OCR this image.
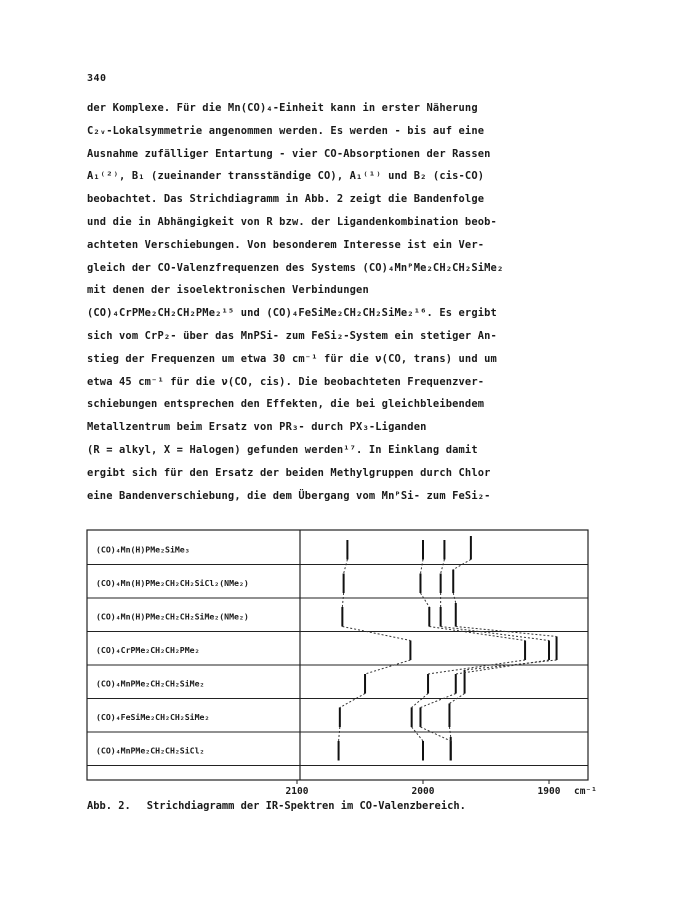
340
der Komplexe. Für die Mn(CO)₄-Einheit kann in erster Näherung
C₂ᵥ-Lokalsymmetrie angenommen werden. Es werden - bis auf eine
Ausnahme zufälliger Entartung - vier CO-Absorptionen der Rassen
A₁⁽²⁾, B₁ (zueinander transständige CO), A₁⁽¹⁾ und B₂ (cis-CO)
beobachtet. Das Strichdiagramm in Abb. 2 zeigt die Bandenfolge
und die in Abhängigkeit von R bzw. der Ligandenkombination beob-
achteten Verschiebungen. Von besonderem Interesse ist ein Ver-
gleich der CO-Valenzfrequenzen des Systems (CO)₄MnᴾMe₂CH₂CH₂SiMe₂
mit denen der isoelektronischen Verbindungen
(CO)₄CrPMe₂CH₂CH₂PMe₂¹⁵ und (CO)₄FeSiMe₂CH₂CH₂SiMe₂¹⁶. Es ergibt
sich vom CrP₂- über das MnPSi- zum FeSi₂-System ein stetiger An-
stieg der Frequenzen um etwa 30 cm⁻¹ für die ν(CO, trans) und um
etwa 45 cm⁻¹ für die ν(CO, cis). Die beobachteten Frequenzver-
schiebungen entsprechen den Effekten, die bei gleichbleibendem
Metallzentrum beim Ersatz von PR₃- durch PX₃-Liganden
(R = alkyl, X = Halogen) gefunden werden¹⁷. In Einklang damit
ergibt sich für den Ersatz der beiden Methylgruppen durch Chlor
eine Bandenverschiebung, die dem Übergang vom MnᴾSi- zum FeSi₂-
(CO)₄Mn(H)PMe₂SiMe₃
(CO)₄Mn(H)PMe₂CH₂CH₂SiCl₂(NMe₂)
(CO)₄Mn(H)PMe₂CH₂CH₂SiMe₂(NMe₂)
(CO)₄CrPMe₂CH₂CH₂PMe₂
(CO)₄MnPMe₂CH₂CH₂SiMe₂
(CO)₄FeSiMe₂CH₂CH₂SiMe₂
(CO)₄MnPMe₂CH₂CH₂SiCl₂
2100	2000	1900 cm⁻¹
Abb. 2. Strichdiagramm der IR-Spektren im CO-Valenzbereich.
